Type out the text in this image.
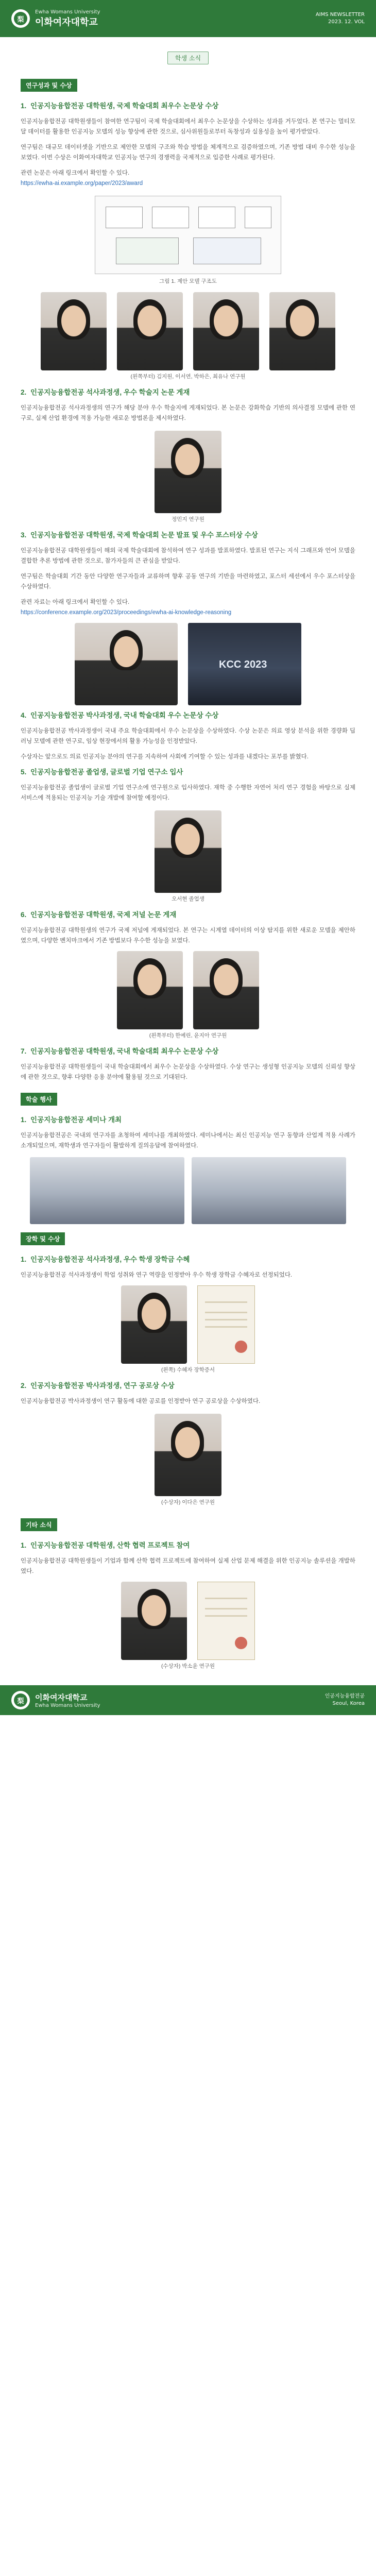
梨
Ewha Womans University
이화여자대학교
AIMS NEWSLETTER
2023. 12. VOL
학생 소식
연구성과 및 수상
1. 인공지능융합전공 대학원생, 국제 학술대회 최우수 논문상 수상

인공지능융합전공 대학원생들이 참여한 연구팀이 국제 학술대회에서 최우수 논문상을 수상하는 성과를 거두었다. 본 연구는 멀티모달 데이터를 활용한 인공지능 모델의 성능 향상에 관한 것으로, 심사위원들로부터 독창성과 실용성을 높이 평가받았다.

연구팀은 대규모 데이터셋을 기반으로 제안한 모델의 구조와 학습 방법을 체계적으로 검증하였으며, 기존 방법 대비 우수한 성능을 보였다. 이번 수상은 이화여자대학교 인공지능 연구의 경쟁력을 국제적으로 입증한 사례로 평가된다.

관련 논문은 아래 링크에서 확인할 수 있다.
https://ewha-ai.example.org/paper/2023/award

그림 1. 제안 모델 구조도
(왼쪽부터) 김지원, 이서연, 박하은, 최유나 연구원
2. 인공지능융합전공 석사과정생, 우수 학술지 논문 게재

인공지능융합전공 석사과정생의 연구가 해당 분야 우수 학술지에 게재되었다. 본 논문은 강화학습 기반의 의사결정 모델에 관한 연구로, 실제 산업 환경에 적용 가능한 새로운 방법론을 제시하였다.

정민지 연구원
3. 인공지능융합전공 대학원생, 국제 학술대회 논문 발표 및 우수 포스터상 수상

인공지능융합전공 대학원생들이 해외 국제 학술대회에 참석하여 연구 성과를 발표하였다. 발표된 연구는 지식 그래프와 언어 모델을 결합한 추론 방법에 관한 것으로, 참가자들의 큰 관심을 받았다.

연구팀은 학술대회 기간 동안 다양한 연구자들과 교류하며 향후 공동 연구의 기반을 마련하였고, 포스터 세션에서 우수 포스터상을 수상하였다.

관련 자료는 아래 링크에서 확인할 수 있다.
https://conference.example.org/2023/proceedings/ewha-ai-knowledge-reasoning

KCC 2023
4. 인공지능융합전공 박사과정생, 국내 학술대회 우수 논문상 수상

인공지능융합전공 박사과정생이 국내 주요 학술대회에서 우수 논문상을 수상하였다. 수상 논문은 의료 영상 분석을 위한 경량화 딥러닝 모델에 관한 연구로, 임상 현장에서의 활용 가능성을 인정받았다.

수상자는 앞으로도 의료 인공지능 분야의 연구를 지속하여 사회에 기여할 수 있는 성과를 내겠다는 포부를 밝혔다.

5. 인공지능융합전공 졸업생, 글로벌 기업 연구소 입사

인공지능융합전공 졸업생이 글로벌 기업 연구소에 연구원으로 입사하였다. 재학 중 수행한 자연어 처리 연구 경험을 바탕으로 실제 서비스에 적용되는 인공지능 기술 개발에 참여할 예정이다.

오서현 졸업생
6. 인공지능융합전공 대학원생, 국제 저널 논문 게재

인공지능융합전공 대학원생의 연구가 국제 저널에 게재되었다. 본 연구는 시계열 데이터의 이상 탐지를 위한 새로운 모델을 제안하였으며, 다양한 벤치마크에서 기존 방법보다 우수한 성능을 보였다.

(왼쪽부터) 한예린, 윤지아 연구원
7. 인공지능융합전공 대학원생, 국내 학술대회 최우수 논문상 수상

인공지능융합전공 대학원생들이 국내 학술대회에서 최우수 논문상을 수상하였다. 수상 연구는 생성형 인공지능 모델의 신뢰성 향상에 관한 것으로, 향후 다양한 응용 분야에 활용될 것으로 기대된다.

학술 행사
1. 인공지능융합전공 세미나 개최

인공지능융합전공은 국내외 연구자를 초청하여 세미나를 개최하였다. 세미나에서는 최신 인공지능 연구 동향과 산업계 적용 사례가 소개되었으며, 재학생과 연구자들이 활발하게 질의응답에 참여하였다.

장학 및 수상
1. 인공지능융합전공 석사과정생, 우수 학생 장학금 수혜

인공지능융합전공 석사과정생이 학업 성취와 연구 역량을 인정받아 우수 학생 장학금 수혜자로 선정되었다.

(왼쪽) 수혜자 장학증서
2. 인공지능융합전공 박사과정생, 연구 공로상 수상

인공지능융합전공 박사과정생이 연구 활동에 대한 공로를 인정받아 연구 공로상을 수상하였다.

(수상자) 이다은 연구원
기타 소식
1. 인공지능융합전공 대학원생, 산학 협력 프로젝트 참여

인공지능융합전공 대학원생들이 기업과 함께 산학 협력 프로젝트에 참여하여 실제 산업 문제 해결을 위한 인공지능 솔루션을 개발하였다.

(수상자) 박소윤 연구원
梨	이화여자대학교
Ewha Womans University
인공지능융합전공
Seoul, Korea
